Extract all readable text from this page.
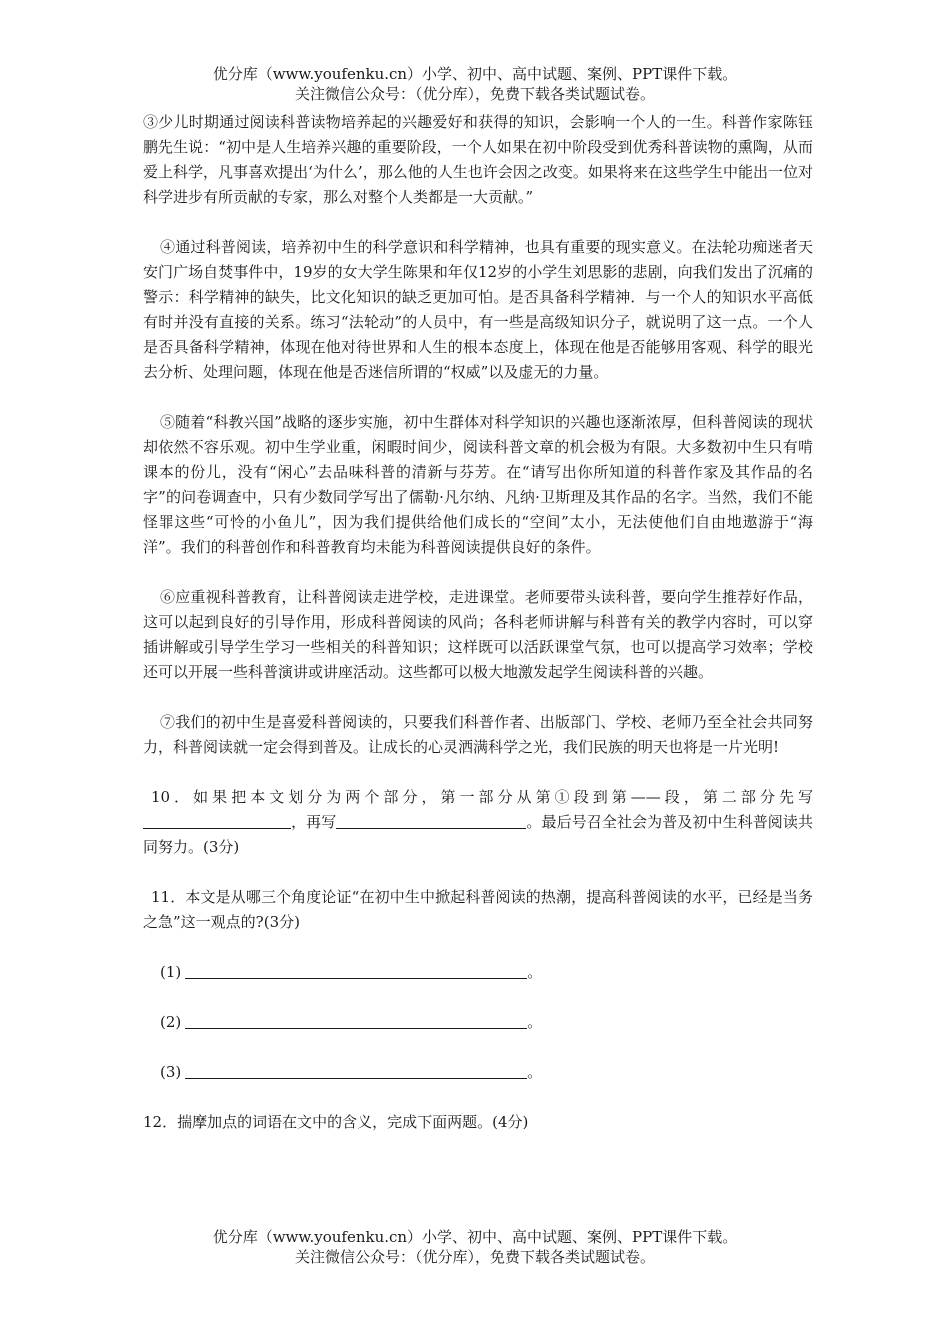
优分库（www.youfenku.cn）小学、初中、高中试题、案例、PPT课件下载。
关注微信公众号：（优分库），免费下载各类试题试卷。

③少儿时期通过阅读科普读物培养起的兴趣爱好和获得的知识，会影响一个人的一生。科普作家陈钰鹏先生说：“初中是人生培养兴趣的重要阶段，一个人如果在初中阶段受到优秀科普读物的熏陶，从而爱上科学，凡事喜欢提出‘为什么’，那么他的人生也许会因之改变。如果将来在这些学生中能出一位对科学进步有所贡献的专家，那么对整个人类都是一大贡献。”

④通过科普阅读，培养初中生的科学意识和科学精神，也具有重要的现实意义。在法轮功痴迷者天安门广场自焚事件中，19岁的女大学生陈果和年仅12岁的小学生刘思影的悲剧，向我们发出了沉痛的警示：科学精神的缺失，比文化知识的缺乏更加可怕。是否具备科学精神．与一个人的知识水平高低有时并没有直接的关系。练习“法轮动”的人员中，有一些是高级知识分子，就说明了这一点。一个人是否具备科学精神，体现在他对待世界和人生的根本态度上，体现在他是否能够用客观、科学的眼光去分析、处理问题，体现在他是否迷信所谓的“权威”以及虚无的力量。

⑤随着“科教兴国”战略的逐步实施，初中生群体对科学知识的兴趣也逐渐浓厚，但科普阅读的现状却依然不容乐观。初中生学业重，闲暇时间少，阅读科普文章的机会极为有限。大多数初中生只有啃课本的份儿，没有“闲心”去品味科普的清新与芬芳。在“请写出你所知道的科普作家及其作品的名字”的问卷调查中，只有少数同学写出了儒勒·凡尔纳、凡纳·卫斯理及其作品的名字。当然，我们不能怪罪这些“可怜的小鱼儿”，因为我们提供给他们成长的“空间”太小，无法使他们自由地遨游于“海洋”。我们的科普创作和科普教育均未能为科普阅读提供良好的条件。

⑥应重视科普教育，让科普阅读走进学校，走进课堂。老师要带头读科普，要向学生推荐好作品，这可以起到良好的引导作用，形成科普阅读的风尚；各科老师讲解与科普有关的教学内容时，可以穿插讲解或引导学生学习一些相关的科普知识；这样既可以活跃课堂气氛，也可以提高学习效率；学校还可以开展一些科普演讲或讲座活动。这些都可以极大地激发起学生阅读科普的兴趣。

⑦我们的初中生是喜爱科普阅读的，只要我们科普作者、出版部门、学校、老师乃至全社会共同努力，科普阅读就一定会得到普及。让成长的心灵洒满科学之光，我们民族的明天也将是一片光明!

10．如果把本文划分为两个部分，第一部分从第①段到第——段，第二部分先写，再写	。最后号召全社会为普及初中生科普阅读共同努力。(3分)

11．本文是从哪三个角度论证“在初中生中掀起科普阅读的热潮，提高科普阅读的水平，已经是当务之急”这一观点的?(3分)

(1)	。
(2)	。
(3)	。

12．揣摩加点的词语在文中的含义，完成下面两题。(4分)

优分库（www.youfenku.cn）小学、初中、高中试题、案例、PPT课件下载。
关注微信公众号：（优分库），免费下载各类试题试卷。
